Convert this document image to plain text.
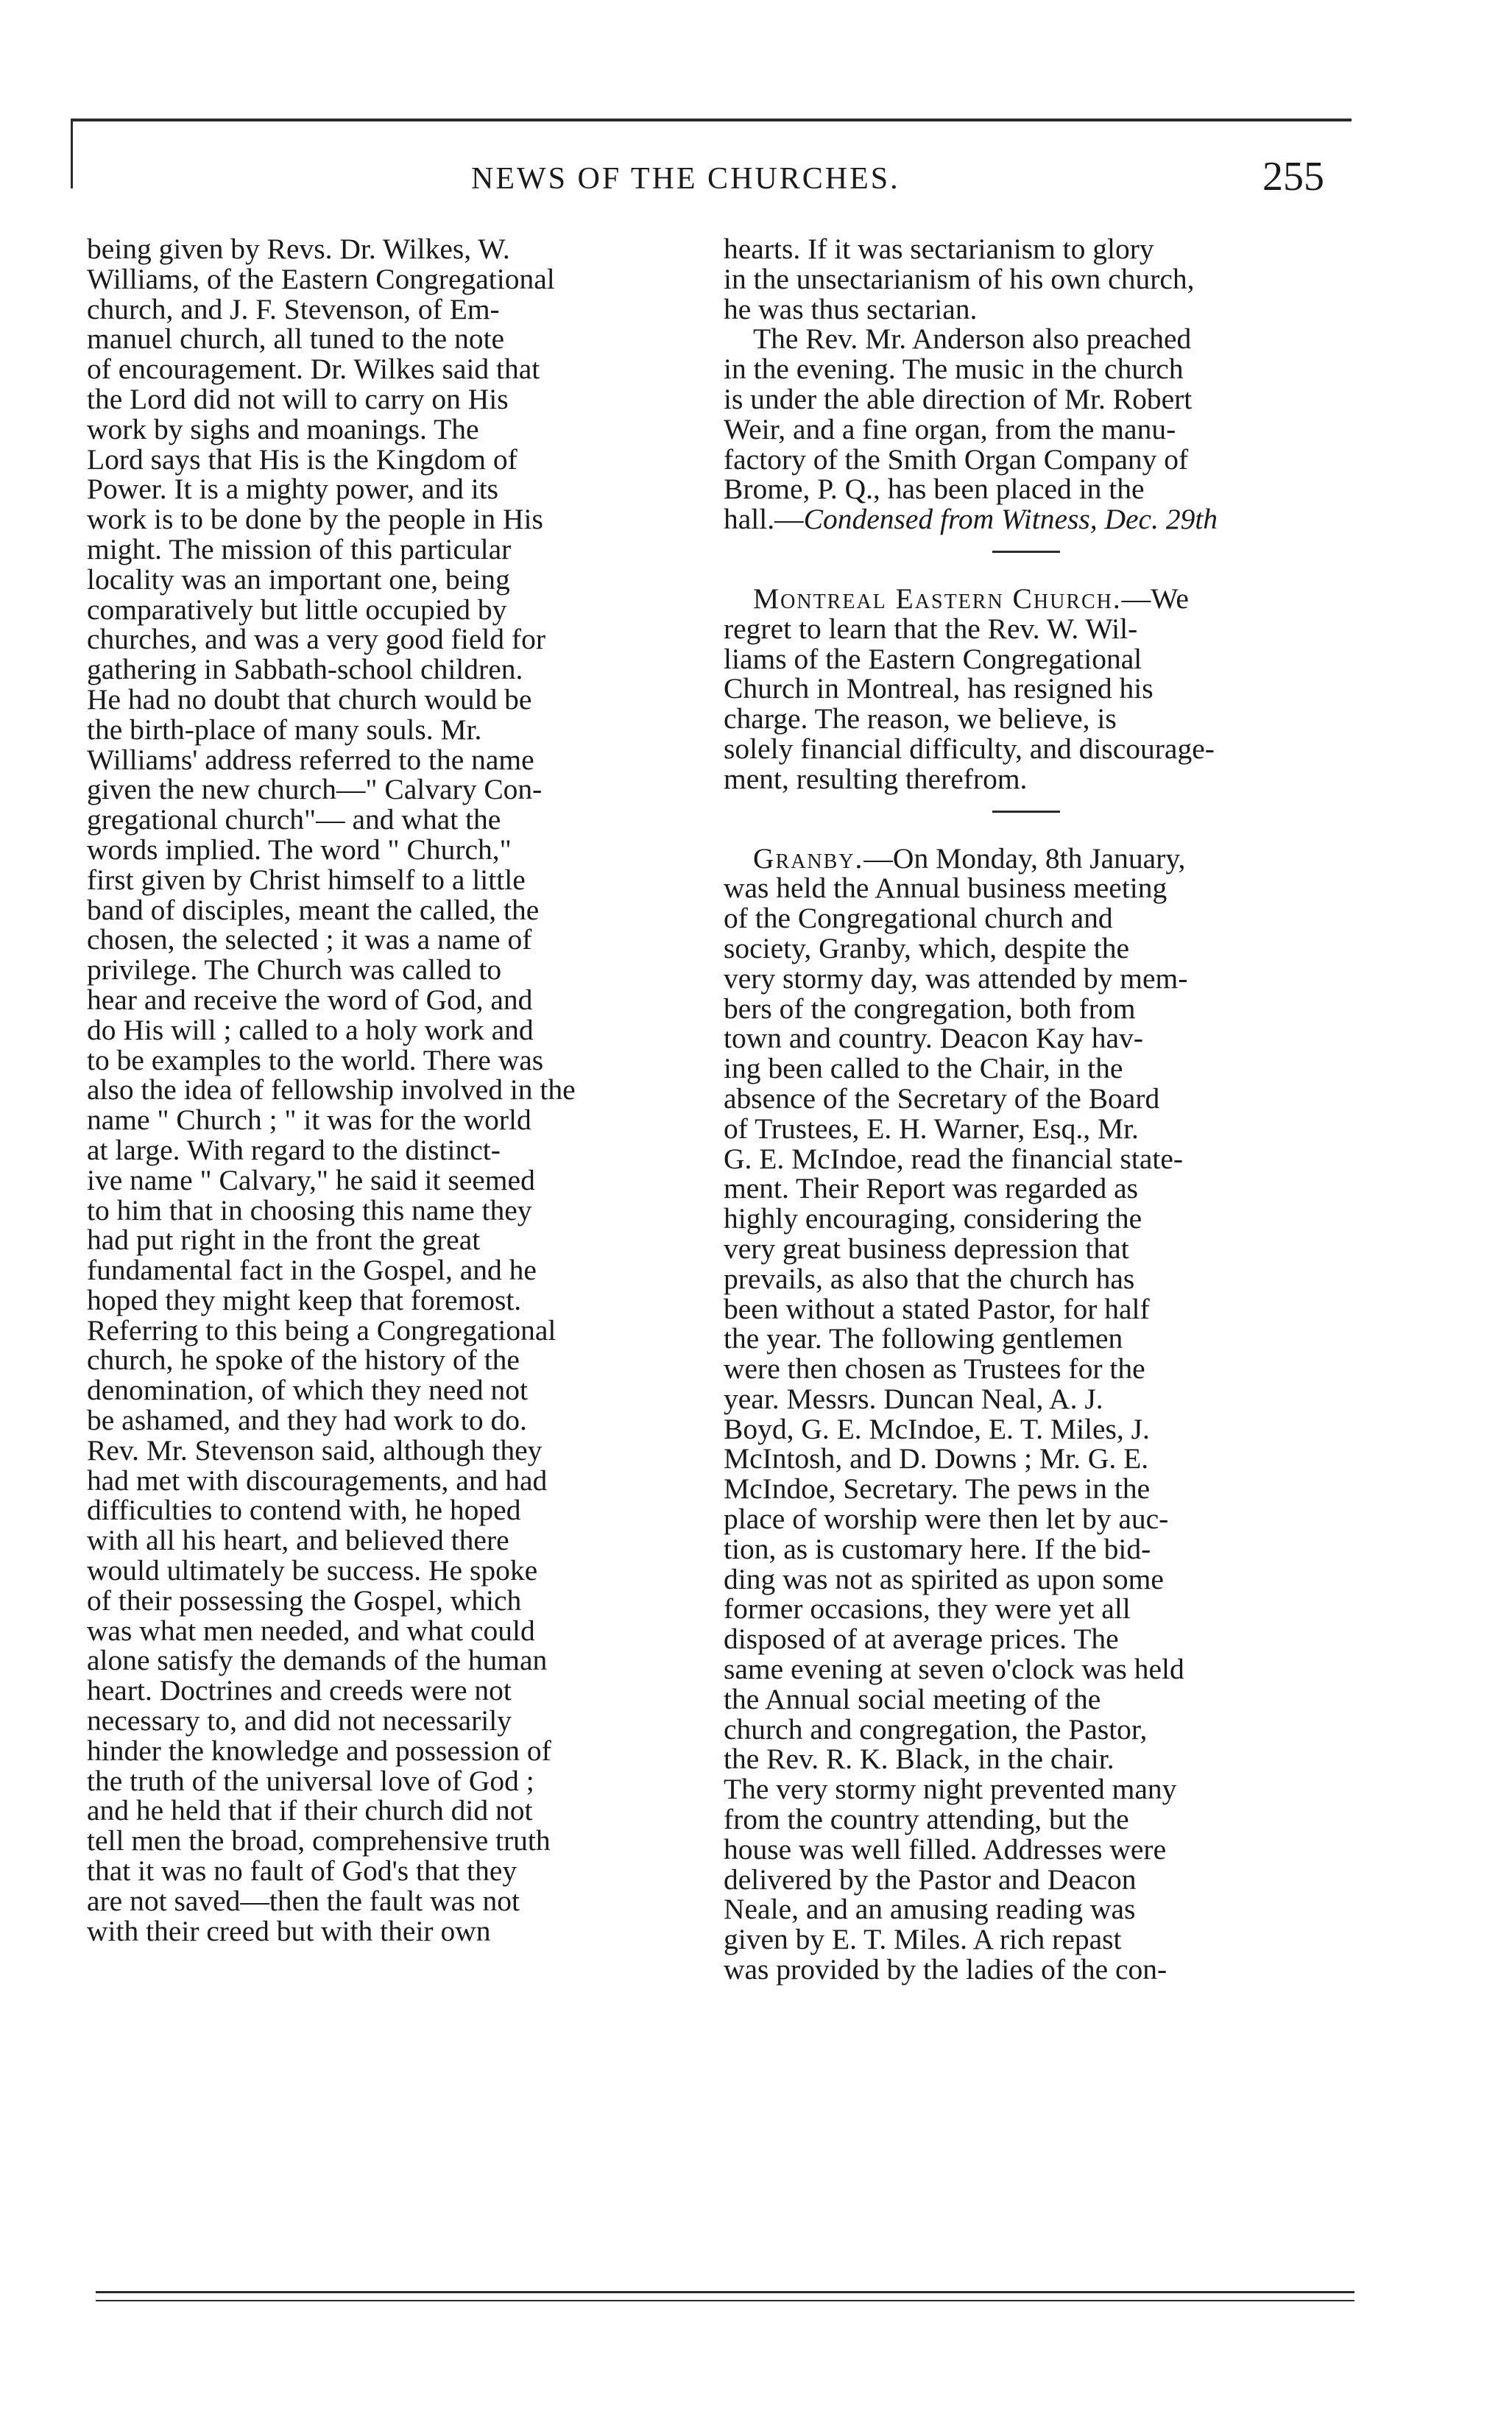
NEWS OF THE CHURCHES.	255

being given by Revs. Dr. Wilkes, W.
Williams, of the Eastern Congregational
church, and J. F. Stevenson, of Em-
manuel church, all tuned to the note
of encouragement. Dr. Wilkes said that
the Lord did not will to carry on His
work by sighs and moanings. The
Lord says that His is the Kingdom of
Power. It is a mighty power, and its
work is to be done by the people in His
might. The mission of this particular
locality was an important one, being
comparatively but little occupied by
churches, and was a very good field for
gathering in Sabbath-school children.
He had no doubt that church would be
the birth-place of many souls. Mr.
Williams' address referred to the name
given the new church—" Calvary Con-
gregational church"— and what the
words implied. The word " Church,"
first given by Christ himself to a little
band of disciples, meant the called, the
chosen, the selected ; it was a name of
privilege. The Church was called to
hear and receive the word of God, and
do His will ; called to a holy work and
to be examples to the world. There was
also the idea of fellowship involved in the
name " Church ; " it was for the world
at large. With regard to the distinct-
ive name " Calvary," he said it seemed
to him that in choosing this name they
had put right in the front the great
fundamental fact in the Gospel, and he
hoped they might keep that foremost.
Referring to this being a Congregational
church, he spoke of the history of the
denomination, of which they need not
be ashamed, and they had work to do.
Rev. Mr. Stevenson said, although they
had met with discouragements, and had
difficulties to contend with, he hoped
with all his heart, and believed there
would ultimately be success. He spoke
of their possessing the Gospel, which
was what men needed, and what could
alone satisfy the demands of the human
heart. Doctrines and creeds were not
necessary to, and did not necessarily
hinder the knowledge and possession of
the truth of the universal love of God ;
and he held that if their church did not
tell men the broad, comprehensive truth
that it was no fault of God's that they
are not saved—then the fault was not
with their creed but with their own

hearts. If it was sectarianism to glory
in the unsectarianism of his own church,
he was thus sectarian.

The Rev. Mr. Anderson also preached
in the evening. The music in the church
is under the able direction of Mr. Robert
Weir, and a fine organ, from the manu-
factory of the Smith Organ Company of
Brome, P. Q., has been placed in the
hall.—Condensed from Witness, Dec. 29th

Montreal Eastern Church.—We
regret to learn that the Rev. W. Wil-
liams of the Eastern Congregational
Church in Montreal, has resigned his
charge. The reason, we believe, is
solely financial difficulty, and discourage-
ment, resulting therefrom.

Granby.—On Monday, 8th January,
was held the Annual business meeting
of the Congregational church and
society, Granby, which, despite the
very stormy day, was attended by mem-
bers of the congregation, both from
town and country. Deacon Kay hav-
ing been called to the Chair, in the
absence of the Secretary of the Board
of Trustees, E. H. Warner, Esq., Mr.
G. E. McIndoe, read the financial state-
ment. Their Report was regarded as
highly encouraging, considering the
very great business depression that
prevails, as also that the church has
been without a stated Pastor, for half
the year. The following gentlemen
were then chosen as Trustees for the
year. Messrs. Duncan Neal, A. J.
Boyd, G. E. McIndoe, E. T. Miles, J.
McIntosh, and D. Downs ; Mr. G. E.
McIndoe, Secretary. The pews in the
place of worship were then let by auc-
tion, as is customary here. If the bid-
ding was not as spirited as upon some
former occasions, they were yet all
disposed of at average prices. The
same evening at seven o'clock was held
the Annual social meeting of the
church and congregation, the Pastor,
the Rev. R. K. Black, in the chair.
The very stormy night prevented many
from the country attending, but the
house was well filled. Addresses were
delivered by the Pastor and Deacon
Neale, and an amusing reading was
given by E. T. Miles. A rich repast
was provided by the ladies of the con-
